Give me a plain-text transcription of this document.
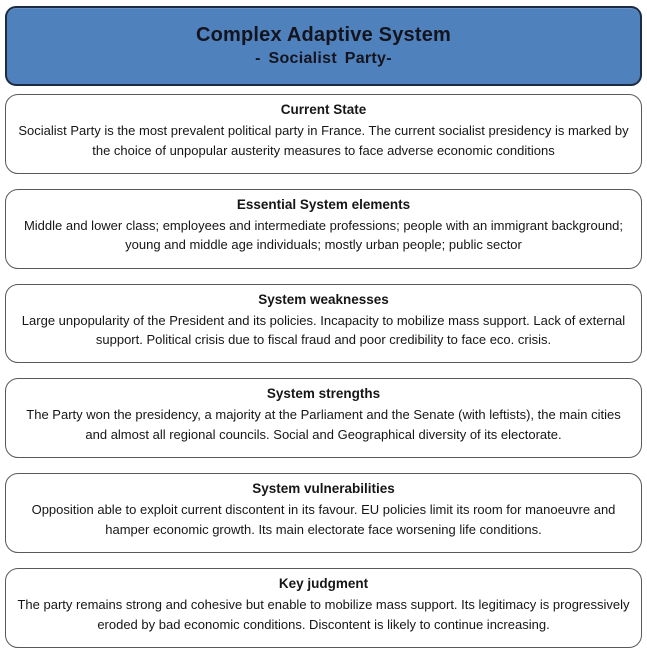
Complex Adaptive System
- Socialist Party-
Current State
Socialist Party is the most prevalent political party in France. The current socialist presidency is marked by the choice of unpopular austerity measures to face adverse economic conditions
Essential System elements
Middle and lower class; employees and intermediate professions; people with an immigrant background; young and middle age individuals; mostly urban people; public sector
System weaknesses
Large unpopularity of the President and its policies. Incapacity to mobilize mass support. Lack of external support. Political crisis due to fiscal fraud and poor credibility to face eco. crisis.
System strengths
The Party won the presidency, a majority at the Parliament and the Senate (with leftists), the main cities and almost all regional councils. Social and Geographical diversity of its electorate.
System vulnerabilities
Opposition able to exploit current discontent in its favour. EU policies limit its room for manoeuvre and hamper economic growth. Its main electorate face worsening life conditions.
Key judgment
The party remains strong and cohesive but enable to mobilize mass support. Its legitimacy is progressively eroded by bad economic conditions. Discontent is likely to continue increasing.
